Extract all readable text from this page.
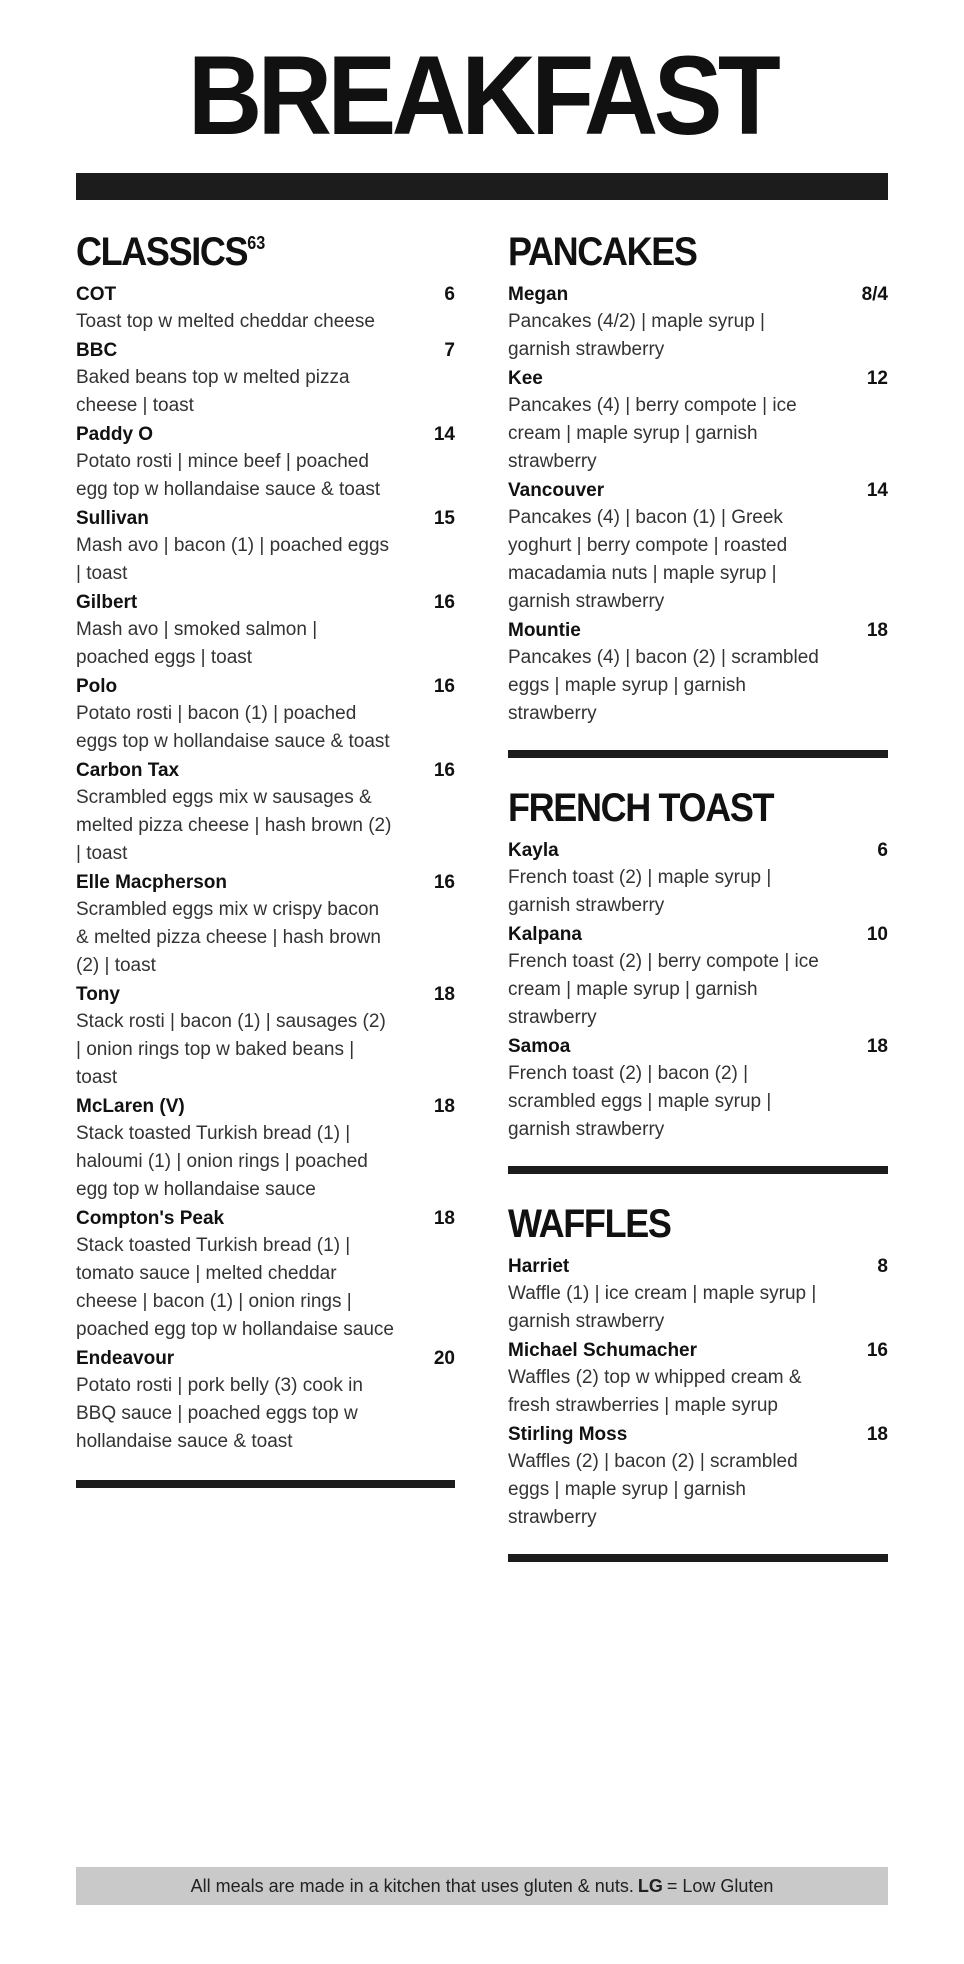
BREAKFAST
CLASSICS$^{63}$
COT	6
Toast top w melted cheddar cheese
BBC	7
Baked beans top w melted pizza cheese | toast
Paddy O	14
Potato rosti | mince beef | poached egg top w hollandaise sauce & toast
Sullivan	15
Mash avo | bacon (1) | poached eggs | toast
Gilbert	16
Mash avo | smoked salmon | poached eggs | toast
Polo	16
Potato rosti | bacon (1) | poached eggs top w hollandaise sauce & toast
Carbon Tax	16
Scrambled eggs mix w sausages & melted pizza cheese | hash brown (2) | toast
Elle Macpherson	16
Scrambled eggs mix w crispy bacon & melted pizza cheese | hash brown (2) | toast
Tony	18
Stack rosti | bacon (1) | sausages (2) | onion rings top w baked beans | toast
McLaren (V)	18
Stack toasted Turkish bread (1) | haloumi (1) | onion rings | poached egg top w hollandaise sauce
Compton's Peak	18
Stack toasted Turkish bread (1) | tomato sauce | melted cheddar cheese | bacon (1) | onion rings | poached egg top w hollandaise sauce
Endeavour	20
Potato rosti | pork belly (3) cook in BBQ sauce | poached eggs top w hollandaise sauce & toast
PANCAKES
Megan	8/4
Pancakes (4/2) | maple syrup | garnish strawberry
Kee	12
Pancakes (4) | berry compote | ice cream | maple syrup | garnish strawberry
Vancouver	14
Pancakes (4) | bacon (1) | Greek yoghurt | berry compote | roasted macadamia nuts | maple syrup | garnish strawberry
Mountie	18
Pancakes (4) | bacon (2) | scrambled eggs | maple syrup | garnish strawberry
FRENCH TOAST
Kayla	6
French toast (2) | maple syrup | garnish strawberry
Kalpana	10
French toast (2) | berry compote | ice cream | maple syrup | garnish strawberry
Samoa	18
French toast (2) | bacon (2) | scrambled eggs | maple syrup | garnish strawberry
WAFFLES
Harriet	8
Waffle (1) | ice cream | maple syrup | garnish strawberry
Michael Schumacher	16
Waffles (2) top w whipped cream & fresh strawberries | maple syrup
Stirling Moss	18
Waffles (2) | bacon (2) | scrambled eggs | maple syrup | garnish strawberry
All meals are made in a kitchen that uses gluten & nuts. LG = Low Gluten
